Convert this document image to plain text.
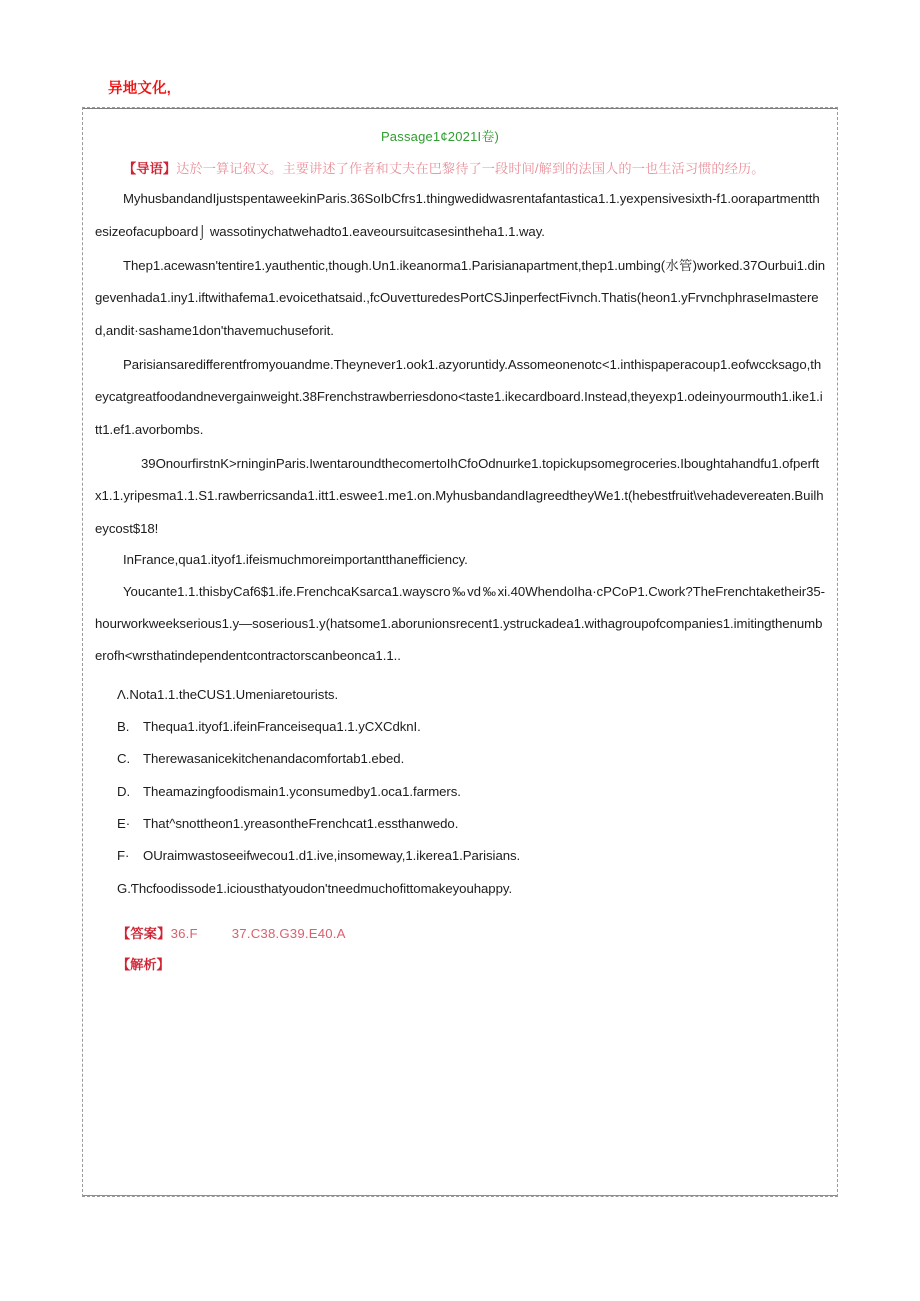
异地文化,
Passage1¢2021I卷)

【导语】达於一算记叙文。主要讲述了作者和丈夫在巴黎待了一段时间/解到的法国人的一也生活习惯的经历。

MyhusbandandIjustspentaweekinParis.36SoIbCfrs1.thingwedidwasrentafantastica1.1.yexpensivesixth-f1.oorapartmentthesizeofacupboard⌡ wassotinychatwehadto1.eaveoursuitcasesintheha1.1.way.

Thep1.acewasn'tentire1.yauthentic,though.Un1.ikeanorma1.Parisianapartment,thep1.umbing(水管)worked.37Ourbui1.dingevenhada1.iny1.iftwithafema1.evoicethatsaid.,fcOuveτturedesPortCSJinperfectFivnch.Thatis(heon1.yFrvnchphraseImastered,andit·sashame1don'thavemuchuseforit.

Parisiansaredifferentfromyouandme.Theynever1.ook1.azyoruntidy.Assomeonenotc<1.inthispaperacoup1.eofwccksago,theycatgreatfoodandnevergainweight.38Frenchstrawberriesdono<taste1.ikecardboard.Instead,theyexp1.odeinyourmouth1.ike1.itt1.ef1.avorbombs.

39OnourfirstnK>rninginParis.IwentaroundthecomertoIhCfoOdnuιrke1.topickupsomegroceries.Iboughtahandfu1.ofperftx1.1.yripesma1.1.S1.rawberricsanda1.itt1.eswee1.me1.on.MyhusbandandIagreedtheyWe1.t(hebestfruit\vehadevereaten.Builheycost$18!

InFrance,qua1.ityof1.ifeismuchmoreimportantthanefficiency.

Youcante1.1.thisbyCaf6$1.ife.FrenchcaKsarca1.wayscro‰vd‰xi.40WhendoIha·cPCoP1.Cwork?TheFrenchtaketheir35-hourworkweekserious1.y—soserious1.y(hatsome1.aborunionsrecent1.ystruckadea1.withagroupofcompanies1.imitingthenumberofh<wrsthatindependentcontractorscanbeonca1.1..

Λ.Nota1.1.theCUS1.Umeniaretourists.
B. Thequa1.ityof1.ifeinFranceisequa1.1.yCXCdknI.
C. Therewasanicekitchenandacomfortab1.ebed.
D. Theamazingfoodismain1.yconsumedby1.oca1.farmers.
E· That^snottheon1.yreasontheFrenchcat1.essthanwedo.
F· OUraimwastoseeifwecou1.d1.ive,insomeway,1.ikerea1.Parisians.
G.Ƭhcfoodissode1.iciousthatyoudon'tneedmuchofittomakeyouhappy.
【答案】36.F	37.C38.G39.E40.A
【解析】
